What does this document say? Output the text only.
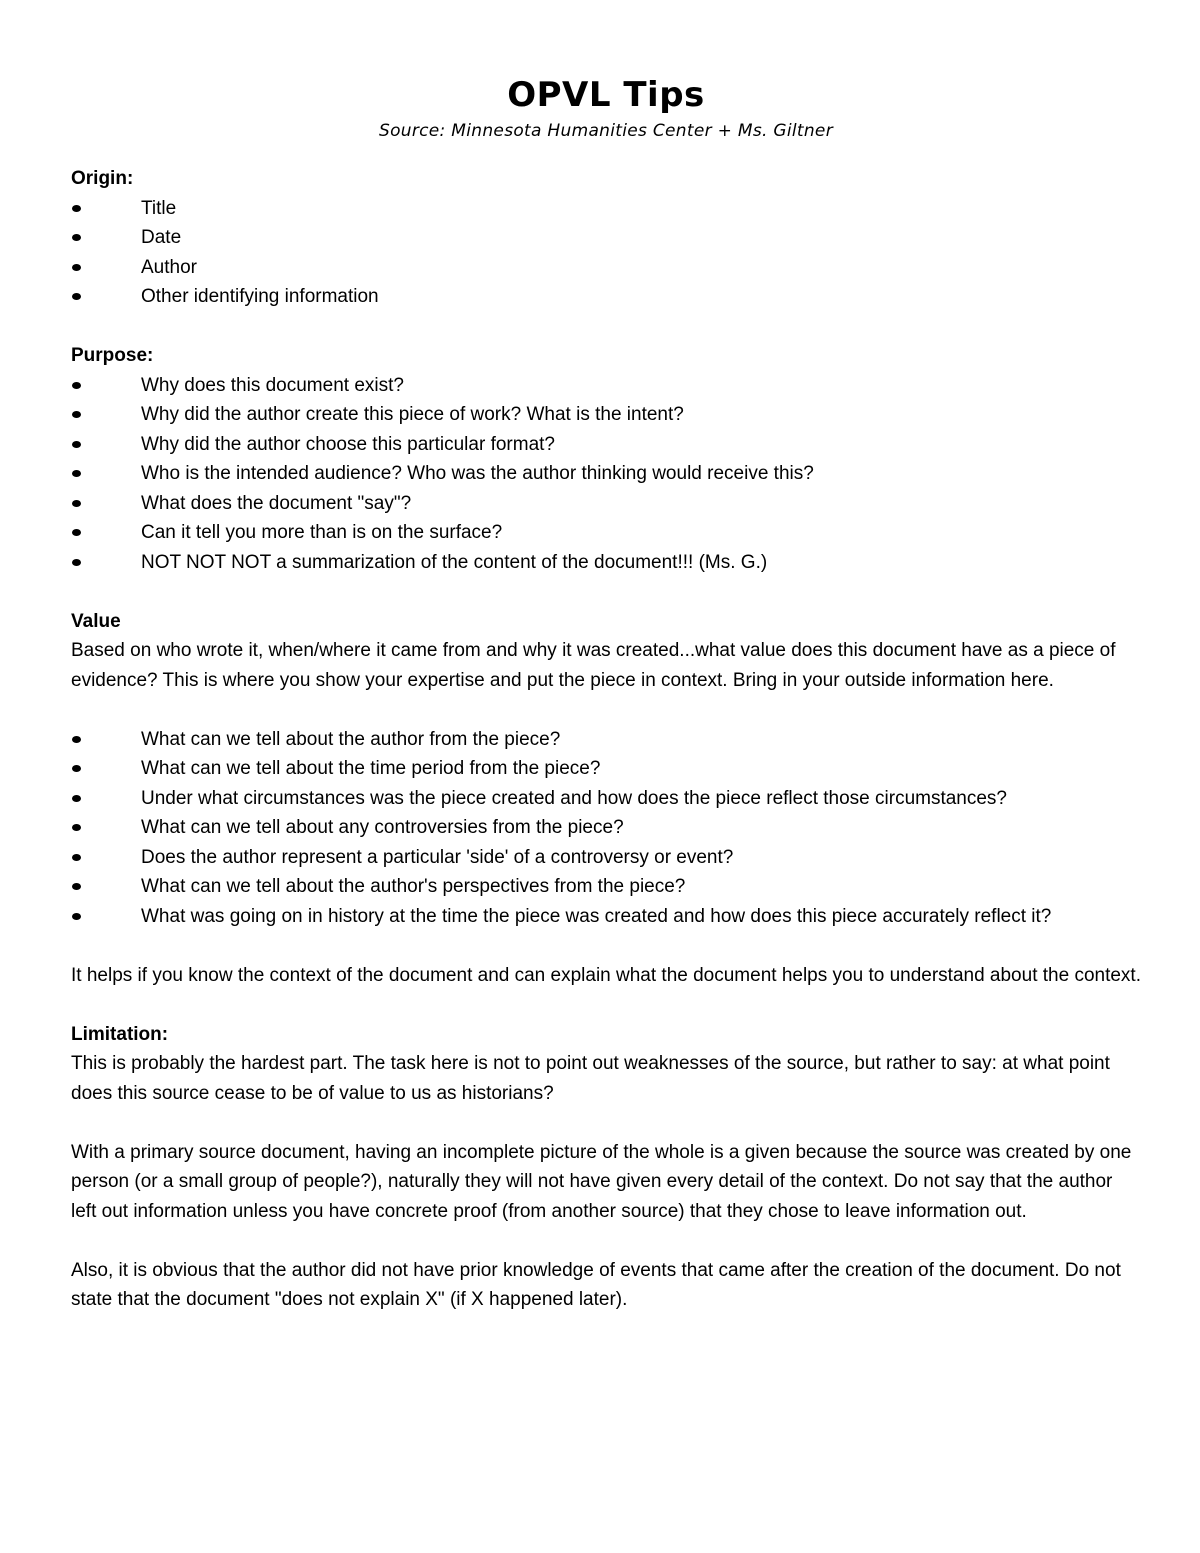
OPVL Tips

Source: Minnesota Humanities Center + Ms. Giltner

Origin:

Title
Date
Author
Other identifying information

Purpose:

Why does this document exist?
Why did the author create this piece of work? What is the intent?
Why did the author choose this particular format?
Who is the intended audience? Who was the author thinking would receive this?
What does the document "say"?
Can it tell you more than is on the surface?
NOT NOT NOT a summarization of the content of the document!!! (Ms. G.)

Value

Based on who wrote it, when/where it came from and why it was created...what value does this document have as a piece of evidence? This is where you show your expertise and put the piece in context. Bring in your outside information here.

What can we tell about the author from the piece?
What can we tell about the time period from the piece?
Under what circumstances was the piece created and how does the piece reflect those circumstances?
What can we tell about any controversies from the piece?
Does the author represent a particular 'side' of a controversy or event?
What can we tell about the author's perspectives from the piece?
What was going on in history at the time the piece was created and how does this piece accurately reflect it?

It helps if you know the context of the document and can explain what the document helps you to understand about the context.

Limitation:

This is probably the hardest part. The task here is not to point out weaknesses of the source, but rather to say: at what point does this source cease to be of value to us as historians?

With a primary source document, having an incomplete picture of the whole is a given because the source was created by one person (or a small group of people?), naturally they will not have given every detail of the context. Do not say that the author left out information unless you have concrete proof (from another source) that they chose to leave information out.

Also, it is obvious that the author did not have prior knowledge of events that came after the creation of the document. Do not state that the document "does not explain X" (if X happened later).
